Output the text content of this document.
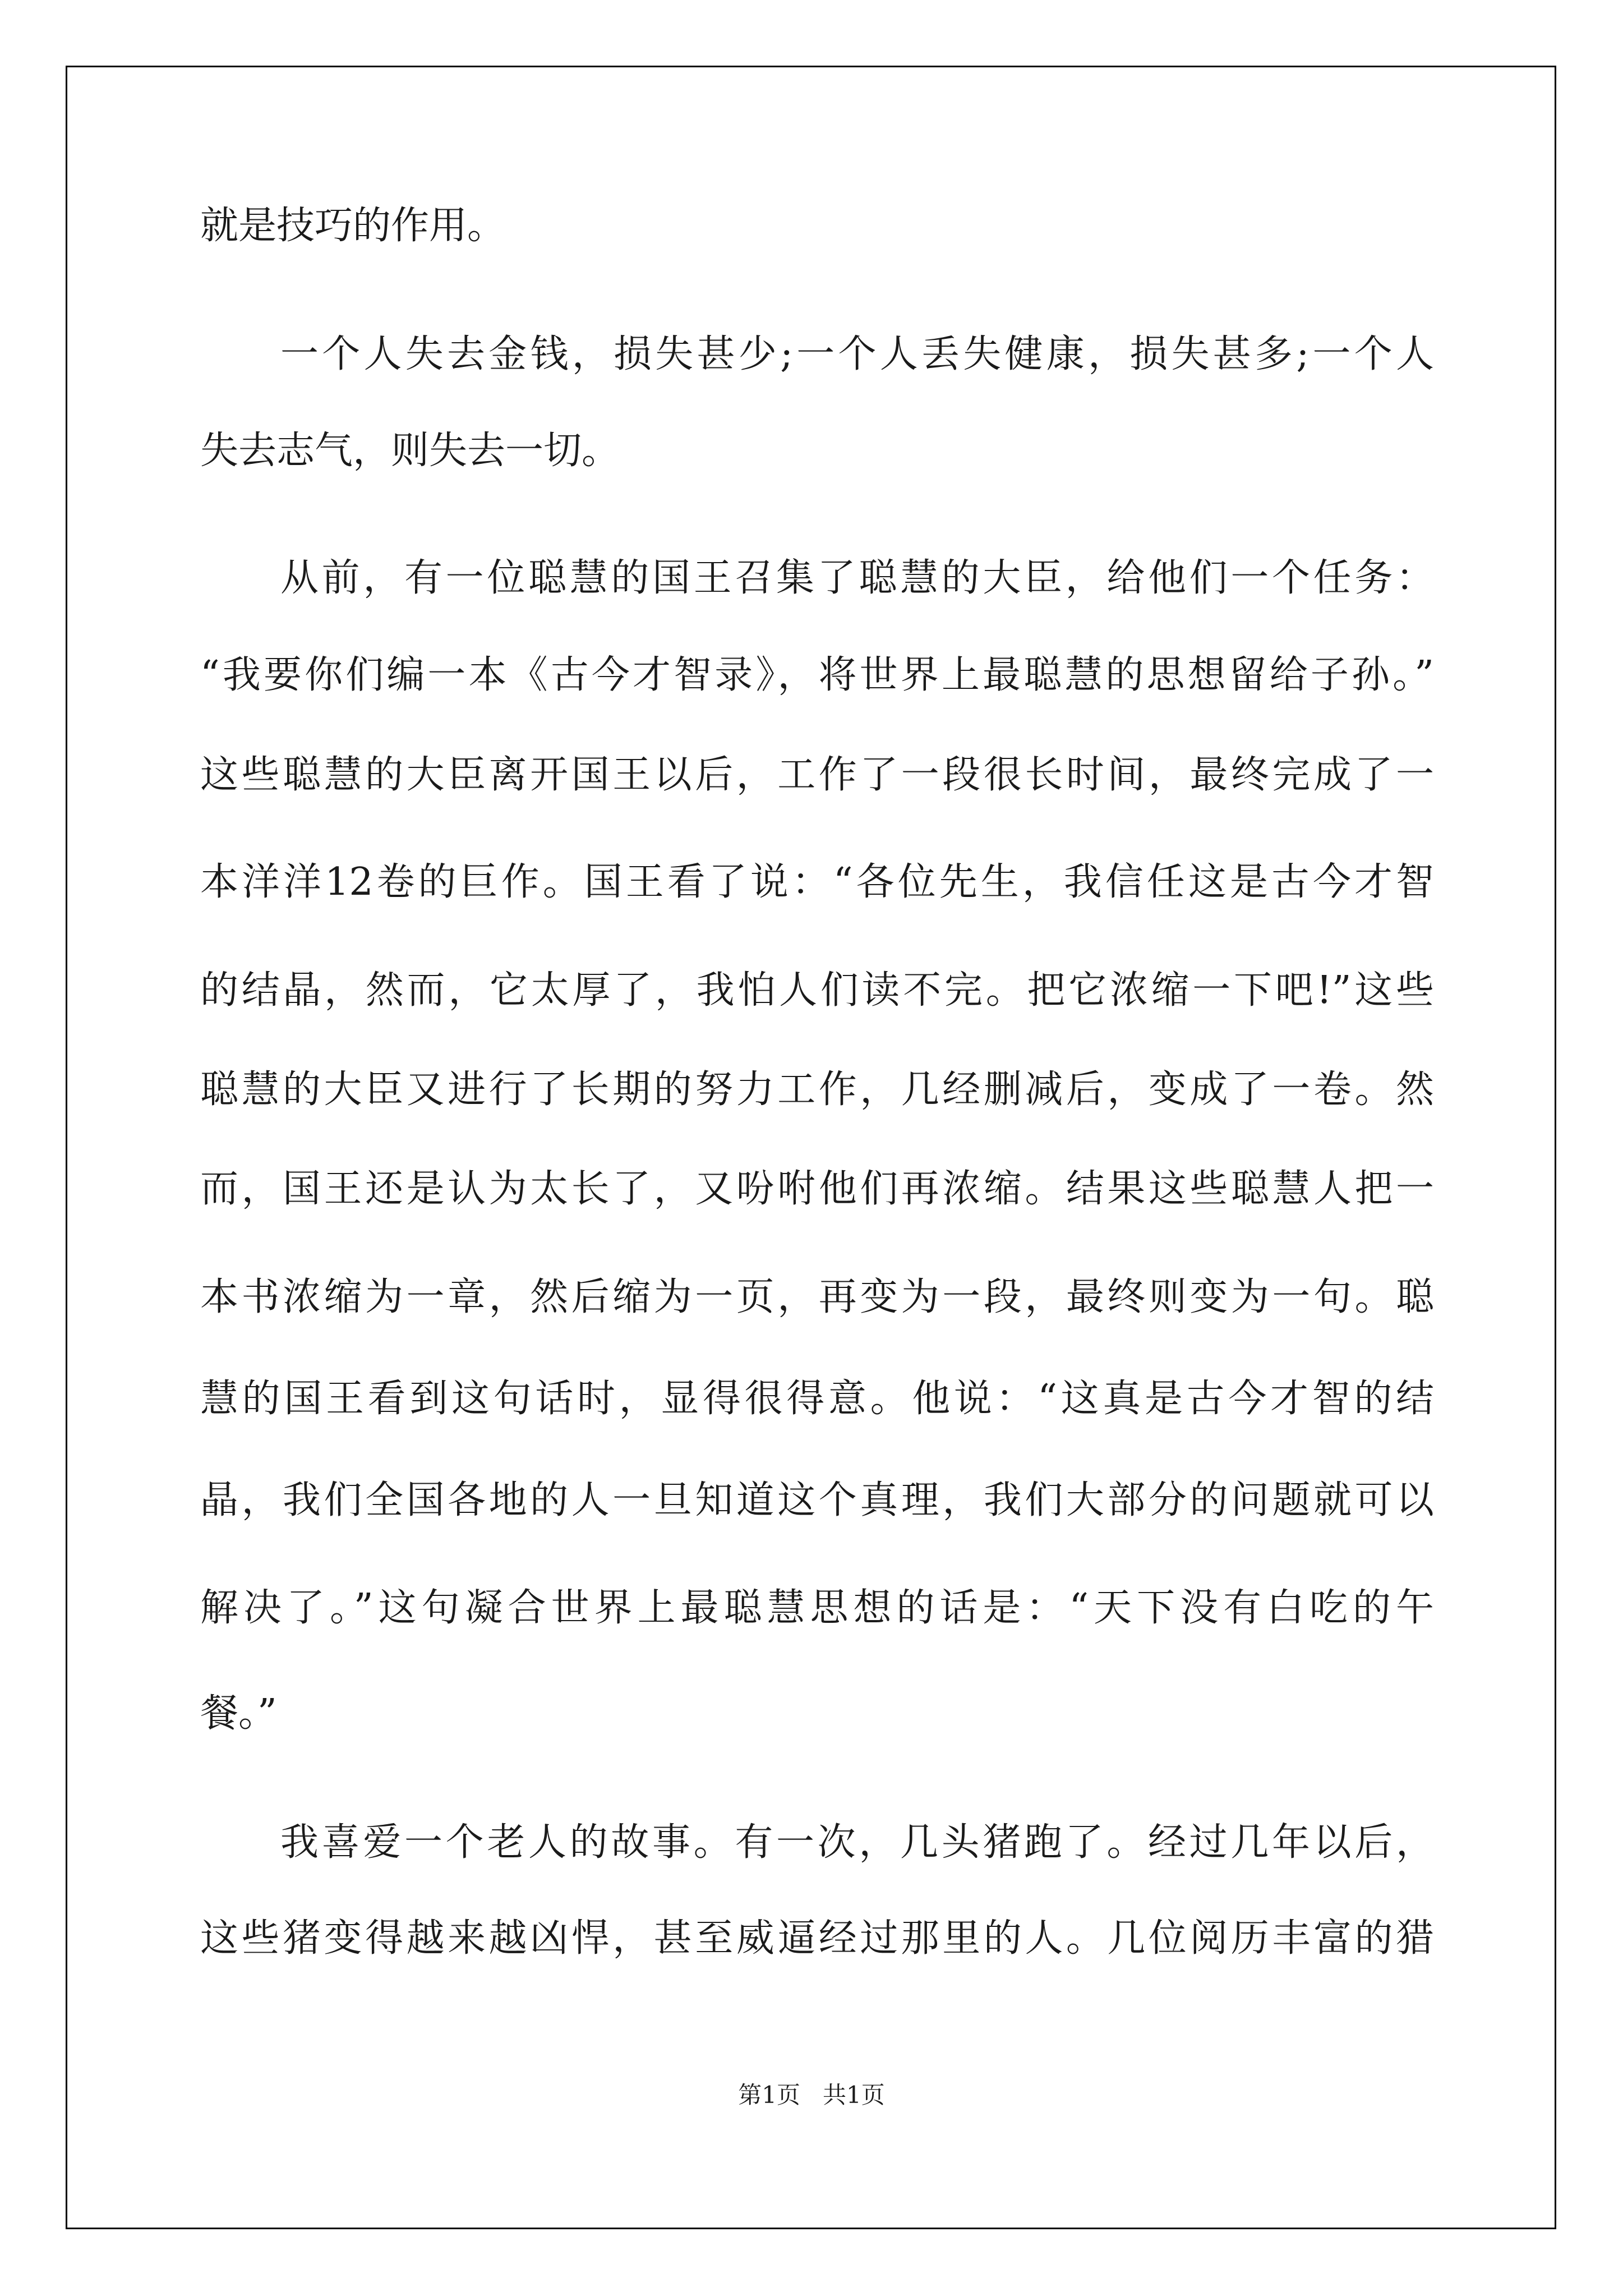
就是技巧的作用。
一个人失去金钱，损失甚少;一个人丢失健康，损失甚多;一个人
失去志气，则失去一切。
从前，有一位聪慧的国王召集了聪慧的大臣，给他们一个任务：
“我要你们编一本《古今才智录》，将世界上最聪慧的思想留给子孙。”
这些聪慧的大臣离开国王以后，工作了一段很长时间，最终完成了一
本洋洋12卷的巨作。国王看了说：“各位先生，我信任这是古今才智
的结晶，然而，它太厚了，我怕人们读不完。把它浓缩一下吧!”这些
聪慧的大臣又进行了长期的努力工作，几经删减后，变成了一卷。然
而，国王还是认为太长了，又吩咐他们再浓缩。结果这些聪慧人把一
本书浓缩为一章，然后缩为一页，再变为一段，最终则变为一句。聪
慧的国王看到这句话时，显得很得意。他说：“这真是古今才智的结
晶，我们全国各地的人一旦知道这个真理，我们大部分的问题就可以
解决了。”这句凝合世界上最聪慧思想的话是：“天下没有白吃的午
餐。”
我喜爱一个老人的故事。有一次，几头猪跑了。经过几年以后，
这些猪变得越来越凶悍，甚至威逼经过那里的人。几位阅历丰富的猎
第1页   共1页
